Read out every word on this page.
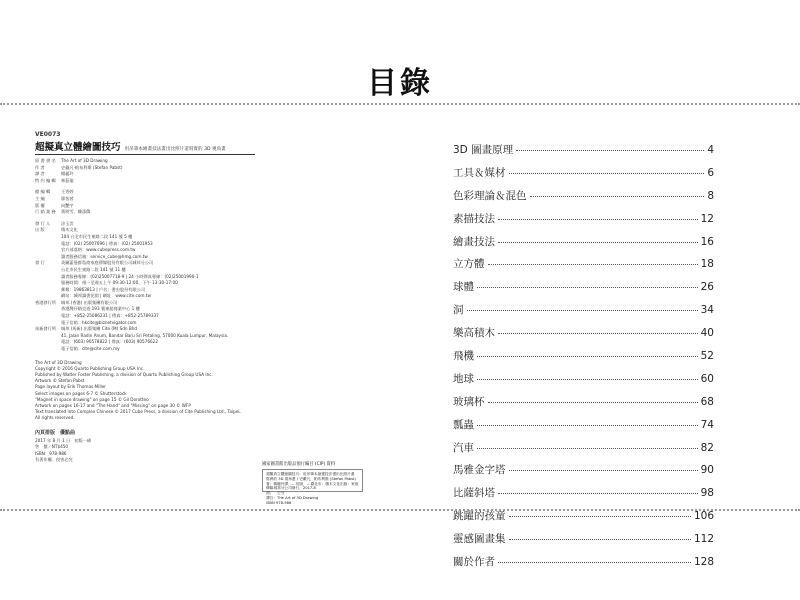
目錄
VE0073
超擬真立體繪圖技巧 用吊筆本繪畫技法畫出比照片還寫實的 3D 視角畫
原 書 書 名	The Art of 3D Drawing
作 者	史戴凡·帕布利斯 (Stefan Pabst)
譯 者	楊麗玲
特 約 編 輯	林茲瑜
總 編 輯	王秀婷
主 編	廖怡茜
版 權	向艷宇
行 銷 業 務	黃明雪、陳彥儒
發 行 人	涂玉雲
出 版	積木文化
104 台北市民生東路二段 141 號 5 樓
電話：(02) 25007696 | 傳真：(02) 25001953
官方部落格：www.cubepress.com.tw
讀者服務信箱：service_cube@hmg.com.tw
發 行	英屬蓋曼群島商家庭傳媒股份有限公司城邦分公司
台北市民生東路二段 141 號 11 樓
讀者服務專線：(02)25007718-9 | 24 小時傳真專線：(02)25001990-1
服務時間：週一至週五上午 09:30-12:00、下午 13:30-17:00
郵撥：19863813 | 戶名：書虫股份有限公司
網站：城邦讀書花園 | 網址：www.cite.com.tw
香港發行所	城邦 (香港) 出版集團有限公司
香港灣仔駱克道 193 號東超商業中心 1 樓
電話：+852-25086231 | 傳真：+852-25789337
電子信箱：hkcite@biznetvigator.com
馬新發行所	城邦 (馬新) 出版集團 Cite (M) Sdn Bhd
41, Jalan Radin Anum, Bandar Baru Sri Petaling, 57000 Kuala Lumpur, Malaysia.
電話：(603) 90578822 | 傳真：(603) 90576622
電子信箱：cite@cite.com.my
The Art of 3D Drawing
Copyright © 2016 Quarto Publishing Group USA Inc.
Published by Walter Foster Publishing, a division of Quarto Publishing Group USA Inc.
Artwork © Stefan Pabst
Page layout by Erik Thomas Miller
Select images on pages 6-7 © Shutterstock
"Magnet in space drawing" on page 15 © Gil Dorotteo
Artwork on pages 16-17 and "The Hand" and "Missing" on page 30 © WFP
Text translated into Complex Chinese © 2017 Cube Press, a division of Cite Publishing Ltd., Taipei.
All rights reserved.
內頁排版　優點曲
2017 年 8 月 1 日　初版一刷
售　價／NT$450
ISBN：978-986
有著作權．侵害必究
國家圖書館出版品預行編目 (CIP) 資料
超擬真立體繪圖技巧：用吊筆本繪畫技法畫出比照片還
寫實的 3D 視角畫 / 史戴凡．帕布利斯 (Stefan Pabst)
著；楊麗玲譯．-- 初版．-- 臺北市：積木文化出版：家庭
傳媒城邦分公司發行，2017.8
面；　公分
譯自：The Art of 3D Drawing
ISBN 978-986
3D 圖畫原理	4
工具＆媒材	6
色彩理論＆混色	8
素描技法	12
繪畫技法	16
立方體	18
球體	26
洞	34
樂高積木	40
飛機	52
地球	60
玻璃杯	68
瓢蟲	74
汽車	82
馬雅金字塔	90
比薩斜塔	98
跳躍的孩童	106
靈感圖畫集	112
關於作者	128
